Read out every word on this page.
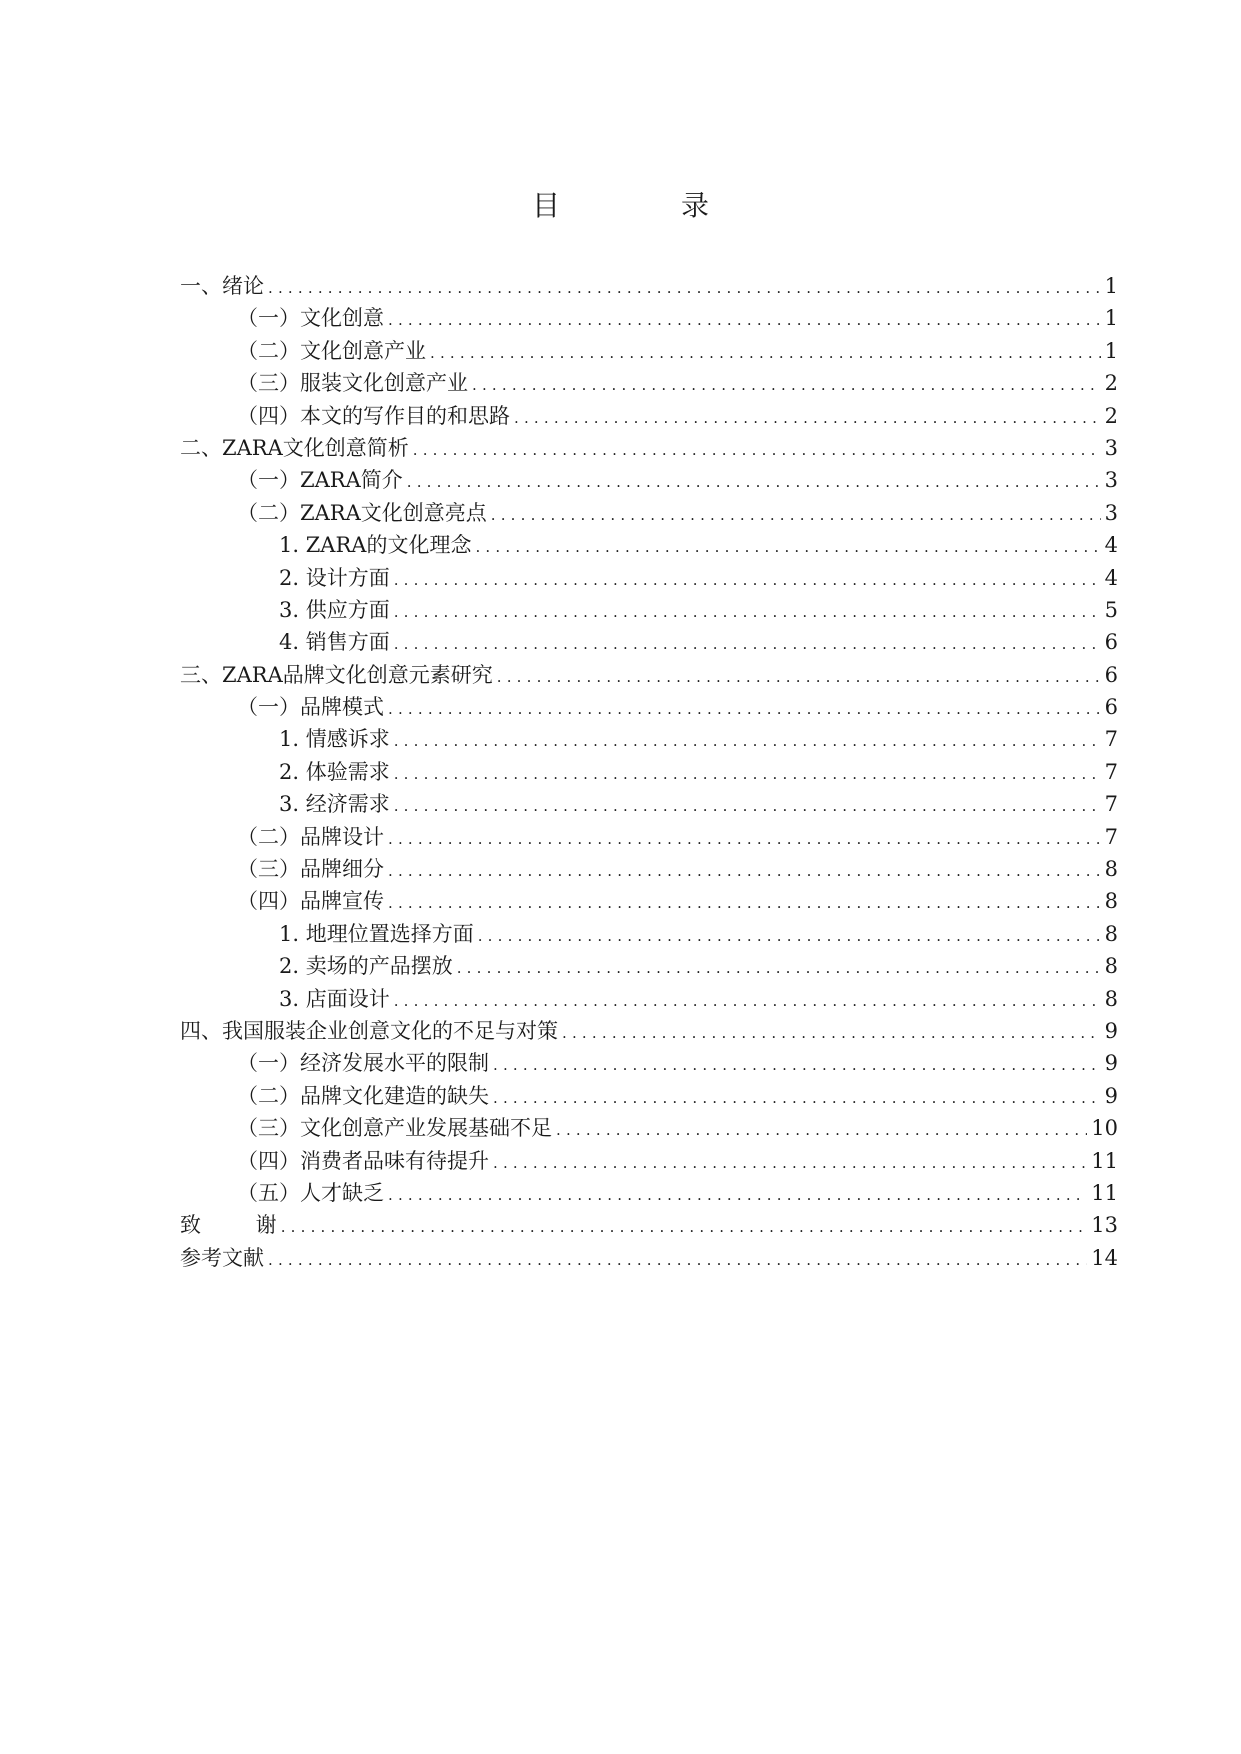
目 录
一、绪论 .....	1
（一）文化创意 .....	1
（二）文化创意产业 .....	1
（三）服装文化创意产业 .....	2
（四）本文的写作目的和思路 .....	2
二、ZARA文化创意简析 .....	3
（一）ZARA简介 .....	3
（二）ZARA文化创意亮点 .....	3
1. ZARA的文化理念 .....	4
2. 设计方面 .....	4
3. 供应方面 .....	5
4. 销售方面 .....	6
三、ZARA品牌文化创意元素研究 .....	6
（一）品牌模式 .....	6
1. 情感诉求 .....	7
2. 体验需求 .....	7
3. 经济需求 .....	7
（二）品牌设计 .....	7
（三）品牌细分 .....	8
（四）品牌宣传 .....	8
1. 地理位置选择方面 .....	8
2. 卖场的产品摆放 .....	8
3. 店面设计 .....	8
四、我国服装企业创意文化的不足与对策 .....	9
（一）经济发展水平的限制 .....	9
（二）品牌文化建造的缺失 .....	9
（三）文化创意产业发展基础不足 .....	10
（四）消费者品味有待提升 .....	11
（五）人才缺乏 .....	11
致 谢 .....	13
参考文献 .....	14
